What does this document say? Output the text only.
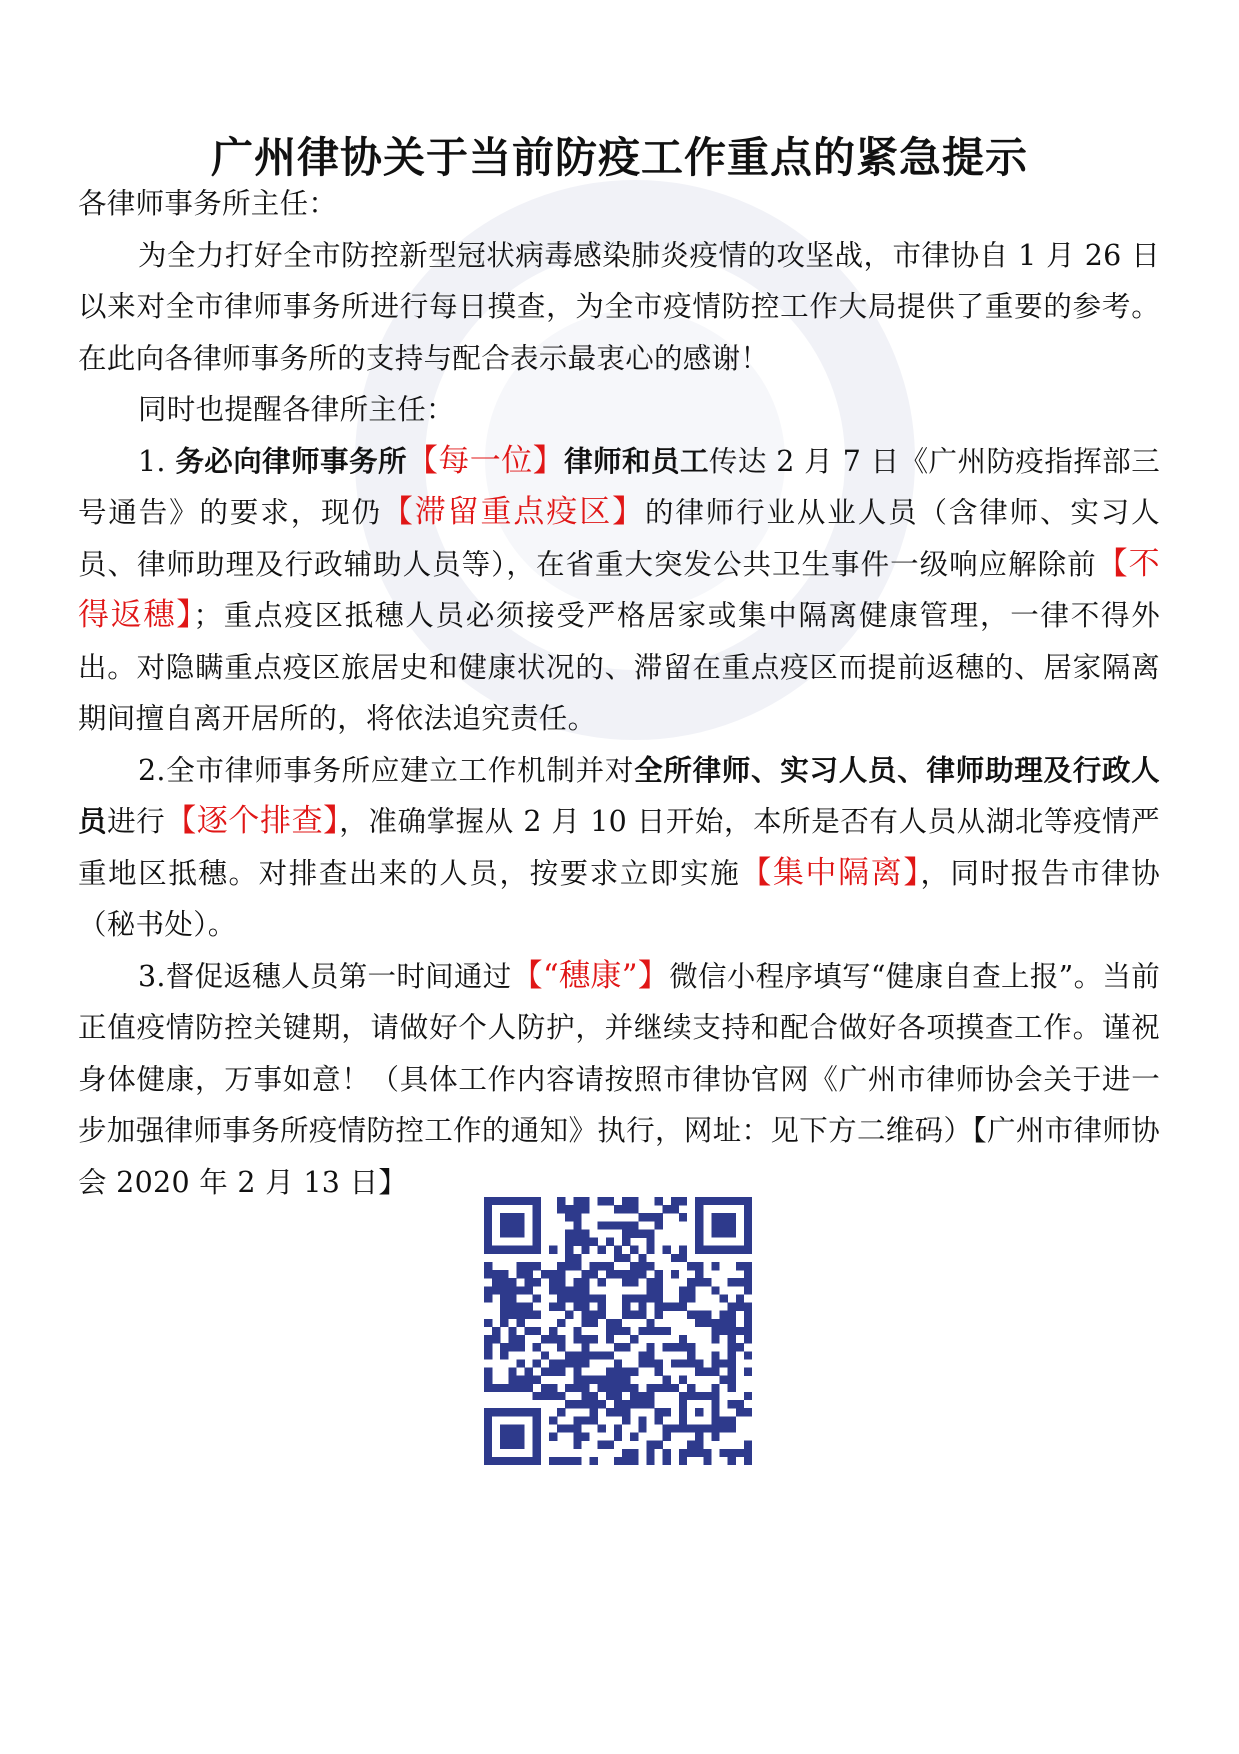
广州律协关于当前防疫工作重点的紧急提示

各律师事务所主任：

为全力打好全市防控新型冠状病毒感染肺炎疫情的攻坚战，市律协自 1 月 26 日以来对全市律师事务所进行每日摸查，为全市疫情防控工作大局提供了重要的参考。在此向各律师事务所的支持与配合表示最衷心的感谢！

同时也提醒各律所主任：

1. 务必向律师事务所【每一位】律师和员工传达 2 月 7 日《广州防疫指挥部三号通告》的要求，现仍【滞留重点疫区】的律师行业从业人员（含律师、实习人员、律师助理及行政辅助人员等），在省重大突发公共卫生事件一级响应解除前【不得返穗】；重点疫区抵穗人员必须接受严格居家或集中隔离健康管理，一律不得外出。对隐瞒重点疫区旅居史和健康状况的、滞留在重点疫区而提前返穗的、居家隔离期间擅自离开居所的，将依法追究责任。

2.全市律师事务所应建立工作机制并对全所律师、实习人员、律师助理及行政人员进行【逐个排查】，准确掌握从 2 月 10 日开始，本所是否有人员从湖北等疫情严重地区抵穗。对排查出来的人员，按要求立即实施【集中隔离】，同时报告市律协（秘书处）。

3.督促返穗人员第一时间通过【“穗康”】微信小程序填写“健康自查上报”。当前正值疫情防控关键期，请做好个人防护，并继续支持和配合做好各项摸查工作。谨祝身体健康，万事如意！（具体工作内容请按照市律协官网《广州市律师协会关于进一步加强律师事务所疫情防控工作的通知》执行，网址：见下方二维码）【广州市律师协会 2020 年 2 月 13 日】
